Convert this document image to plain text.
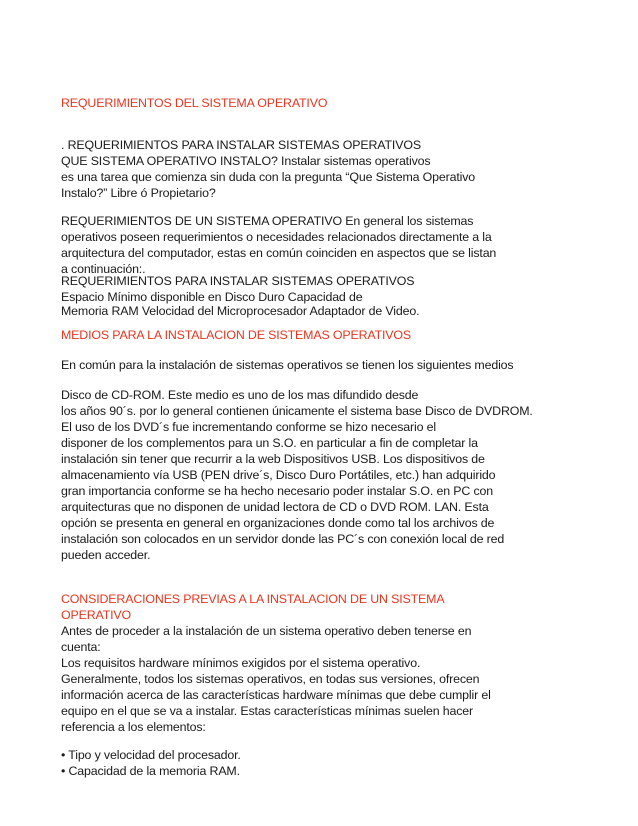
REQUERIMIENTOS DEL SISTEMA OPERATIVO
. REQUERIMIENTOS PARA INSTALAR SISTEMAS OPERATIVOS
QUE SISTEMA OPERATIVO INSTALO? Instalar sistemas operativos
es una tarea que comienza sin duda con la pregunta “Que Sistema Operativo
Instalo?” Libre ó Propietario?
REQUERIMIENTOS DE UN SISTEMA OPERATIVO En general los sistemas
operativos poseen requerimientos o necesidades relacionados directamente a la
arquitectura del computador, estas en común coinciden en aspectos que se listan
a continuación:.
REQUERIMIENTOS PARA INSTALAR SISTEMAS OPERATIVOS
Espacio Mínimo disponible en Disco Duro Capacidad de
Memoria RAM Velocidad del Microprocesador Adaptador de Video.
MEDIOS PARA LA INSTALACION DE SISTEMAS OPERATIVOS
En común para la instalación de sistemas operativos se tienen los siguientes medios
Disco de CD-ROM. Este medio es uno de los mas difundido desde
los años 90´s. por lo general contienen únicamente el sistema base Disco de DVDROM.
El uso de los DVD´s fue incrementando conforme se hizo necesario el
disponer de los complementos para un S.O. en particular a fin de completar la
instalación sin tener que recurrir a la web Dispositivos USB. Los dispositivos de
almacenamiento vía USB (PEN drive´s, Disco Duro Portátiles, etc.) han adquirido
gran importancia conforme se ha hecho necesario poder instalar S.O. en PC con
arquitecturas que no disponen de unidad lectora de CD o DVD ROM. LAN. Esta
opción se presenta en general en organizaciones donde como tal los archivos de
instalación son colocados en un servidor donde las PC´s con conexión local de red
pueden acceder.
CONSIDERACIONES PREVIAS A LA INSTALACION DE UN SISTEMA
OPERATIVO
Antes de proceder a la instalación de un sistema operativo deben tenerse en
cuenta:
Los requisitos hardware mínimos exigidos por el sistema operativo.
Generalmente, todos los sistemas operativos, en todas sus versiones, ofrecen
información acerca de las características hardware mínimas que debe cumplir el
equipo en el que se va a instalar. Estas características mínimas suelen hacer
referencia a los elementos:
• Tipo y velocidad del procesador.
• Capacidad de la memoria RAM.
